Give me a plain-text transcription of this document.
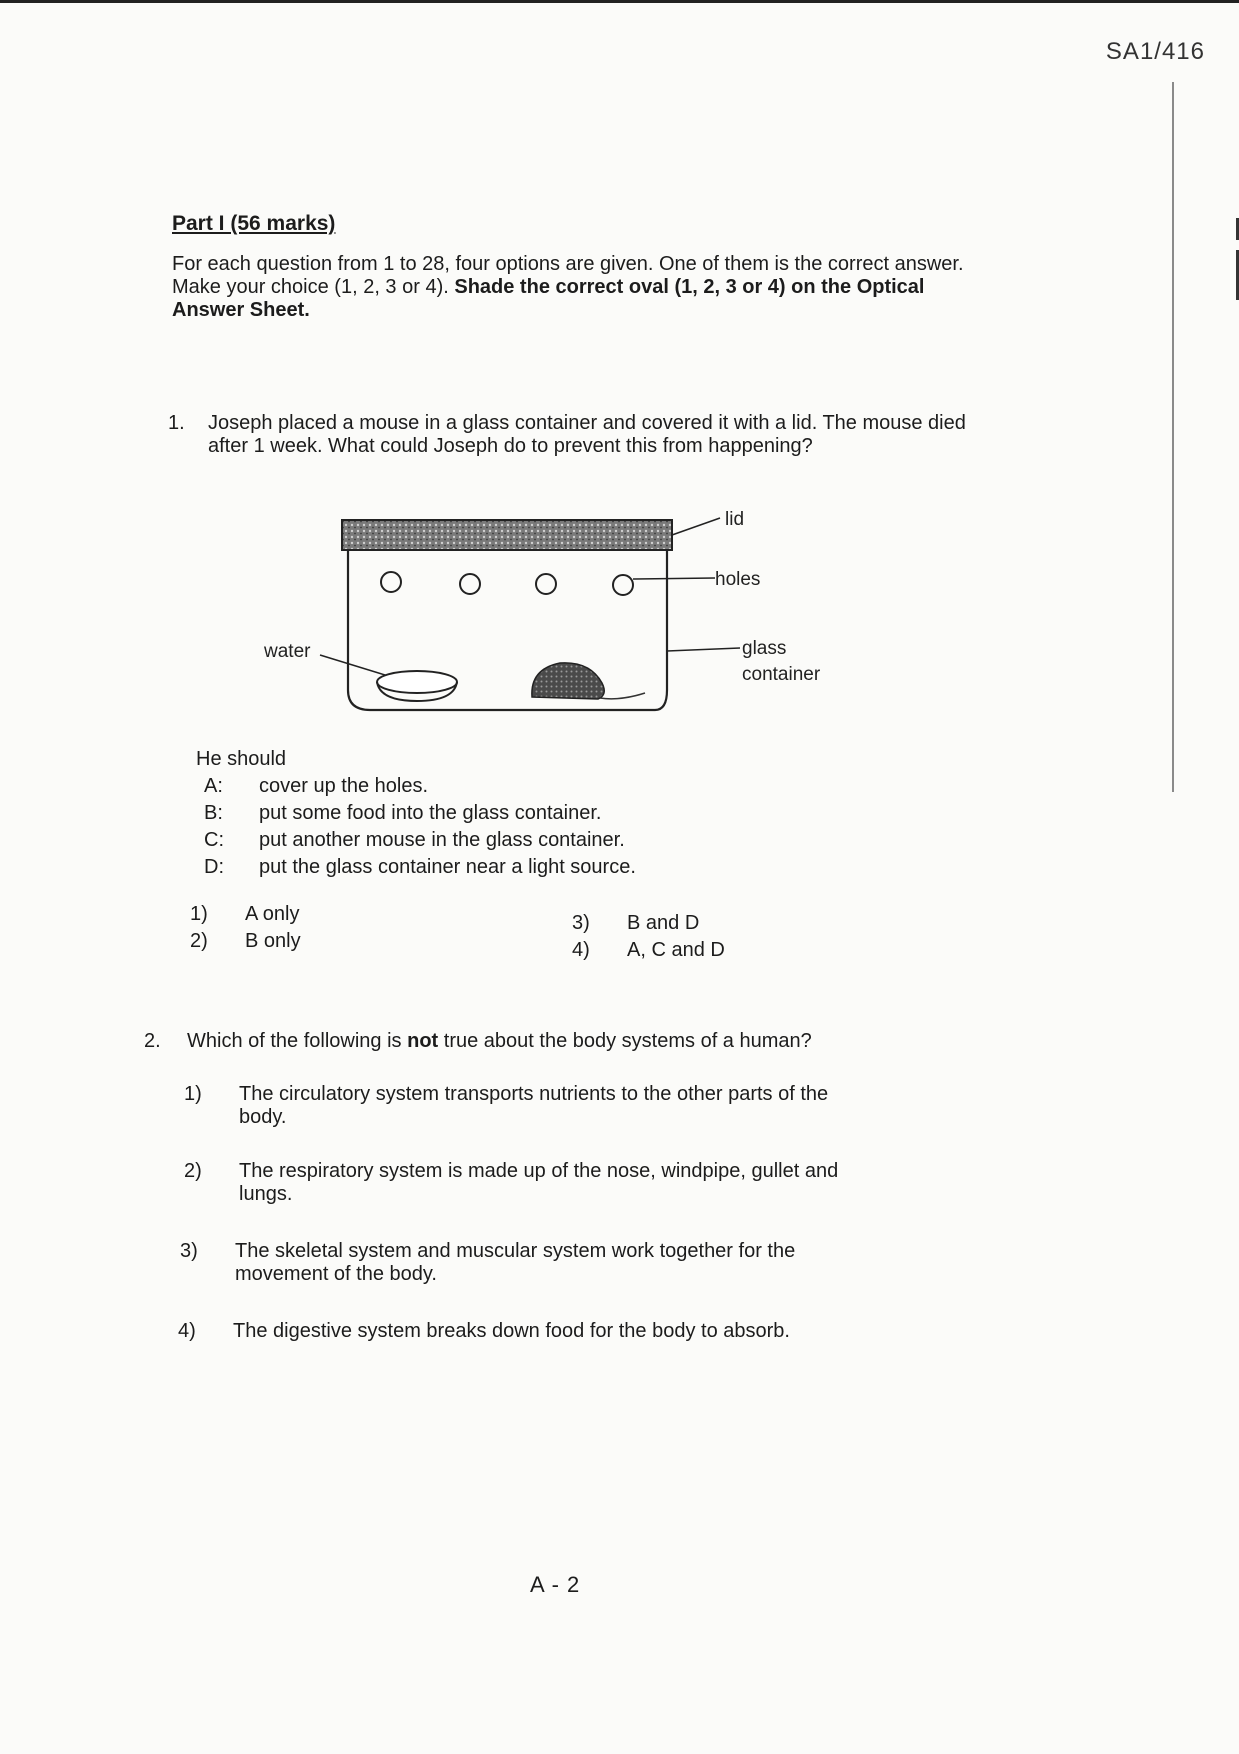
SA1/416
Part I (56 marks)

For each question from 1 to 28, four options are given. One of them is the correct answer. Make your choice (1, 2, 3 or 4). Shade the correct oval (1, 2, 3 or 4) on the Optical Answer Sheet.

1. Joseph placed a mouse in a glass container and covered it with a lid. The mouse died after 1 week. What could Joseph do to prevent this from happening?
lid
holes
glass
container
water
He should
A: cover up the holes.
B: put some food into the glass container.
C: put another mouse in the glass container.
D: put the glass container near a light source.
1) A only
2) B only
3) B and D
4) A, C and D
2. Which of the following is not true about the body systems of a human?
1) The circulatory system transports nutrients to the other parts of the body.
2) The respiratory system is made up of the nose, windpipe, gullet and lungs.
3) The skeletal system and muscular system work together for the movement of the body.
4) The digestive system breaks down food for the body to absorb.
A - 2
